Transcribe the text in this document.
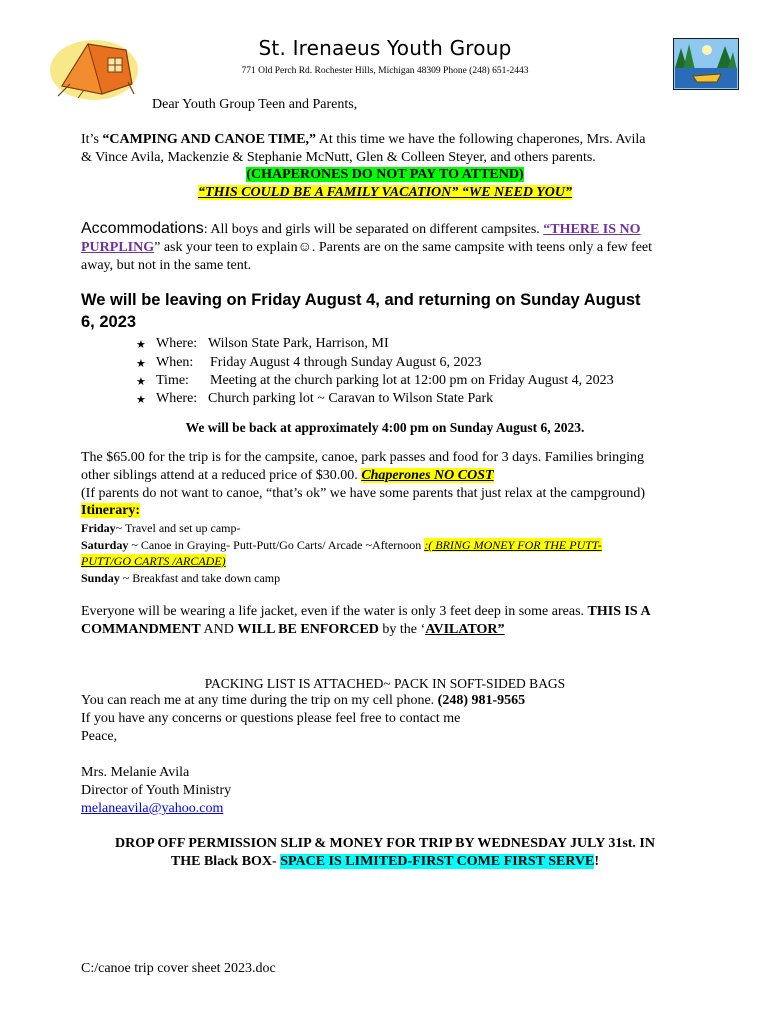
St. Irenaeus Youth Group
771 Old Perch Rd. Rochester Hills, Michigan 48309 Phone (248) 651-2443
Dear Youth Group Teen and Parents,
It’s “CAMPING AND CANOE TIME,” At this time we have the following chaperones, Mrs. Avila
& Vince Avila, Mackenzie & Stephanie McNutt, Glen & Colleen Steyer, and others parents.
(CHAPERONES DO NOT PAY TO ATTEND)
“THIS COULD BE A FAMILY VACATION” “WE NEED YOU”
Accommodations: All boys and girls will be separated on different campsites. “THERE IS NO
PURPLING” ask your teen to explain☺. Parents are on the same campsite with teens only a few feet
away, but not in the same tent.
We will be leaving on Friday August 4, and returning on Sunday August
6, 2023
★ Where: Wilson State Park, Harrison, MI
★ When: Friday August 4 through Sunday August 6, 2023
★ Time: Meeting at the church parking lot at 12:00 pm on Friday August 4, 2023
★ Where: Church parking lot ~ Caravan to Wilson State Park
We will be back at approximately 4:00 pm on Sunday August 6, 2023.
The $65.00 for the trip is for the campsite, canoe, park passes and food for 3 days. Families bringing
other siblings attend at a reduced price of $30.00. Chaperones NO COST
(If parents do not want to canoe, “that’s ok” we have some parents that just relax at the campground)
Itinerary:
Friday~ Travel and set up camp-
Saturday ~ Canoe in Graying- Putt-Putt/Go Carts/ Arcade ~Afternoon :( BRING MONEY FOR THE PUTT-
PUTT/GO CARTS /ARCADE)
Sunday ~ Breakfast and take down camp
Everyone will be wearing a life jacket, even if the water is only 3 feet deep in some areas. THIS IS A
COMMANDMENT AND WILL BE ENFORCED by the ‘AVILATOR”
PACKING LIST IS ATTACHED~ PACK IN SOFT-SIDED BAGS
You can reach me at any time during the trip on my cell phone. (248) 981-9565
If you have any concerns or questions please feel free to contact me
Peace,
Mrs. Melanie Avila
Director of Youth Ministry
melaneavila@yahoo.com
DROP OFF PERMISSION SLIP & MONEY FOR TRIP BY WEDNESDAY JULY 31st. IN
THE Black BOX- SPACE IS LIMITED-FIRST COME FIRST SERVE!
C:/canoe trip cover sheet 2023.doc
